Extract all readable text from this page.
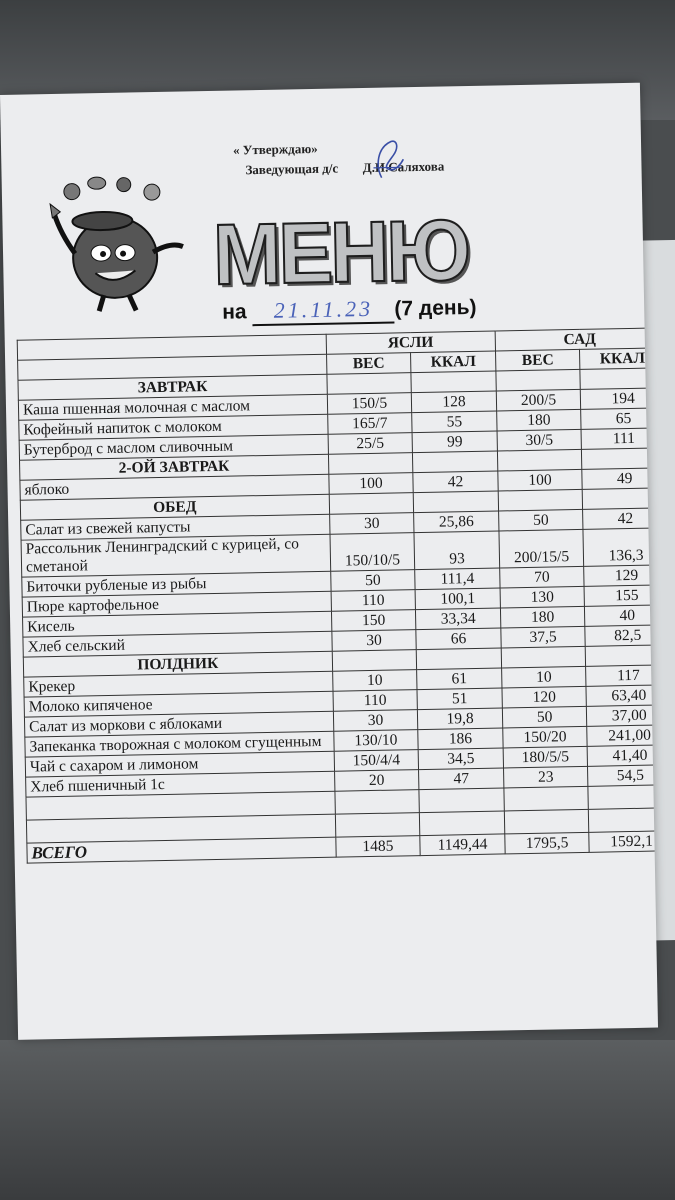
« Утверждаю»
Заведующая д/с Д.И.Саляхова
МЕНЮ
на 21.11.23 (7 день)
	ЯСЛИ		САД	
	ВЕС	ККАЛ	ВЕС	ККАЛ
ЗАВТРАК				
Каша пшенная молочная с маслом	150/5	128	200/5	194
Кофейный напиток с молоком	165/7	55	180	65
Бутерброд с маслом сливочным	25/5	99	30/5	111
2-ОЙ ЗАВТРАК				
яблоко	100	42	100	49
ОБЕД				
Салат из свежей капусты	30	25,86	50	42
Рассольник Ленинградский с курицей, со сметаной	150/10/5	93	200/15/5	136,3
Биточки рубленые из рыбы	50	111,4	70	129
Пюре картофельное	110	100,1	130	155
Кисель	150	33,34	180	40
Хлеб сельский	30	66	37,5	82,5
ПОЛДНИК				
Крекер	10	61	10	117
Молоко кипяченое	110	51	120	63,40
Салат из моркови с яблоками	30	19,8	50	37,00
Запеканка творожная с молоком сгущенным	130/10	186	150/20	241,00
Чай с сахаром и лимоном	150/4/4	34,5	180/5/5	41,40
Хлеб пшеничный 1с	20	47	23	54,5

ВСЕГО	1485	1149,44	1795,5	1592,1
